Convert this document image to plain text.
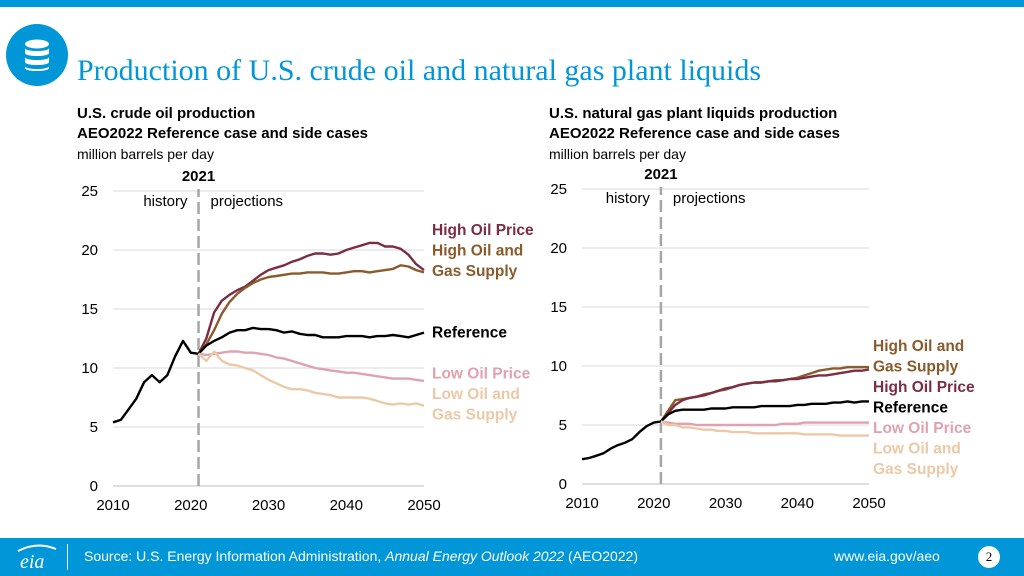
Production of U.S. crude oil and natural gas plant liquids
U.S. crude oil production
AEO2022 Reference case and side cases
million barrels per day
U.S. natural gas plant liquids production
AEO2022 Reference case and side cases
million barrels per day
0
5
10
15
20
25
2010	2020	2030	2040	2050
2021
history projections
High Oil Price
High Oil and
Gas Supply
Reference
Low Oil Price
Low Oil and
Gas Supply
0
5
10
15
20
25
2010	2020	2030	2040	2050
2021
history projections
High Oil and
Gas Supply
High Oil Price
Reference
Low Oil Price
Low Oil and
Gas Supply
eia	Source: U.S. Energy Information Administration, Annual Energy Outlook 2022 (AEO2022)	www.eia.gov/aeo	2
